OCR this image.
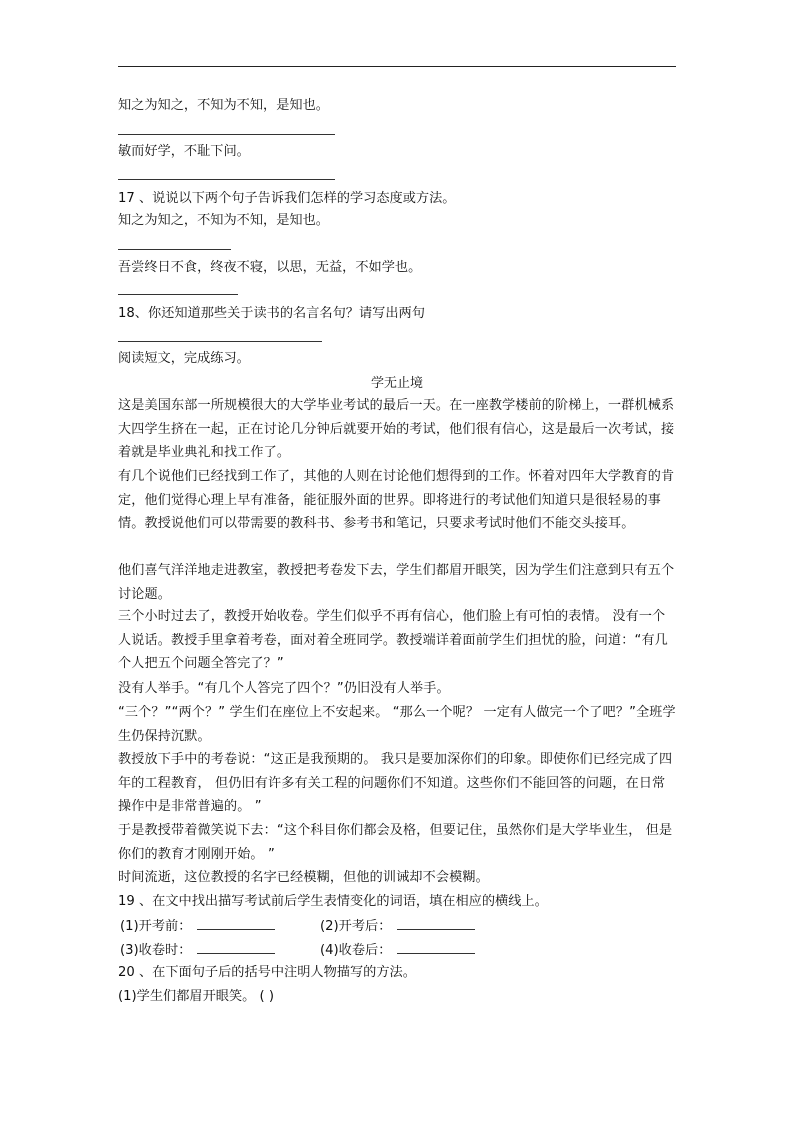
知之为知之，不知为不知，是知也。
敏而好学，不耻下问。
17 、说说以下两个句子告诉我们怎样的学习态度或方法。
知之为知之，不知为不知，是知也。
吾尝终日不食，终夜不寝，以思，无益，不如学也。
18、你还知道那些关于读书的名言名句？请写出两句
阅读短文，完成练习。
学无止境
这是美国东部一所规模很大的大学毕业考试的最后一天。在一座教学楼前的阶梯上，一群机械系大四学生挤在一起，正在讨论几分钟后就要开始的考试，他们很有信心，这是最后一次考试，接着就是毕业典礼和找工作了。
有几个说他们已经找到工作了，其他的人则在讨论他们想得到的工作。怀着对四年大学教育的肯定，他们觉得心理上早有准备，能征服外面的世界。即将进行的考试他们知道只是很轻易的事情。教授说他们可以带需要的教科书、参考书和笔记，只要求考试时他们不能交头接耳。
他们喜气洋洋地走进教室，教授把考卷发下去，学生们都眉开眼笑，因为学生们注意到只有五个讨论题。
三个小时过去了，教授开始收卷。学生们似乎不再有信心，他们脸上有可怕的表情。 没有一个人说话。教授手里拿着考卷，面对着全班同学。教授端详着面前学生们担忧的脸，问道：“有几个人把五个问题全答完了？”
没有人举手。“有几个人答完了四个？”仍旧没有人举手。
“三个？”“两个？” 学生们在座位上不安起来。 “那么一个呢？ 一定有人做完一个了吧？”全班学生仍保持沉默。
教授放下手中的考卷说：“这正是我预期的。 我只是要加深你们的印象。即使你们已经完成了四年的工程教育， 但仍旧有许多有关工程的问题你们不知道。这些你们不能回答的问题，在日常操作中是非常普遍的。 ”
于是教授带着微笑说下去：“这个科目你们都会及格，但要记住，虽然你们是大学毕业生， 但是你们的教育才刚刚开始。 ”
时间流逝，这位教授的名字已经模糊，但他的训诫却不会模糊。
19 、在文中找出描写考试前后学生表情变化的词语，填在相应的横线上。
(1)开考前：	(2)开考后：
(3)收卷时：	(4)收卷后：
20 、在下面句子后的括号中注明人物描写的方法。
(1)学生们都眉开眼笑。 ( )
